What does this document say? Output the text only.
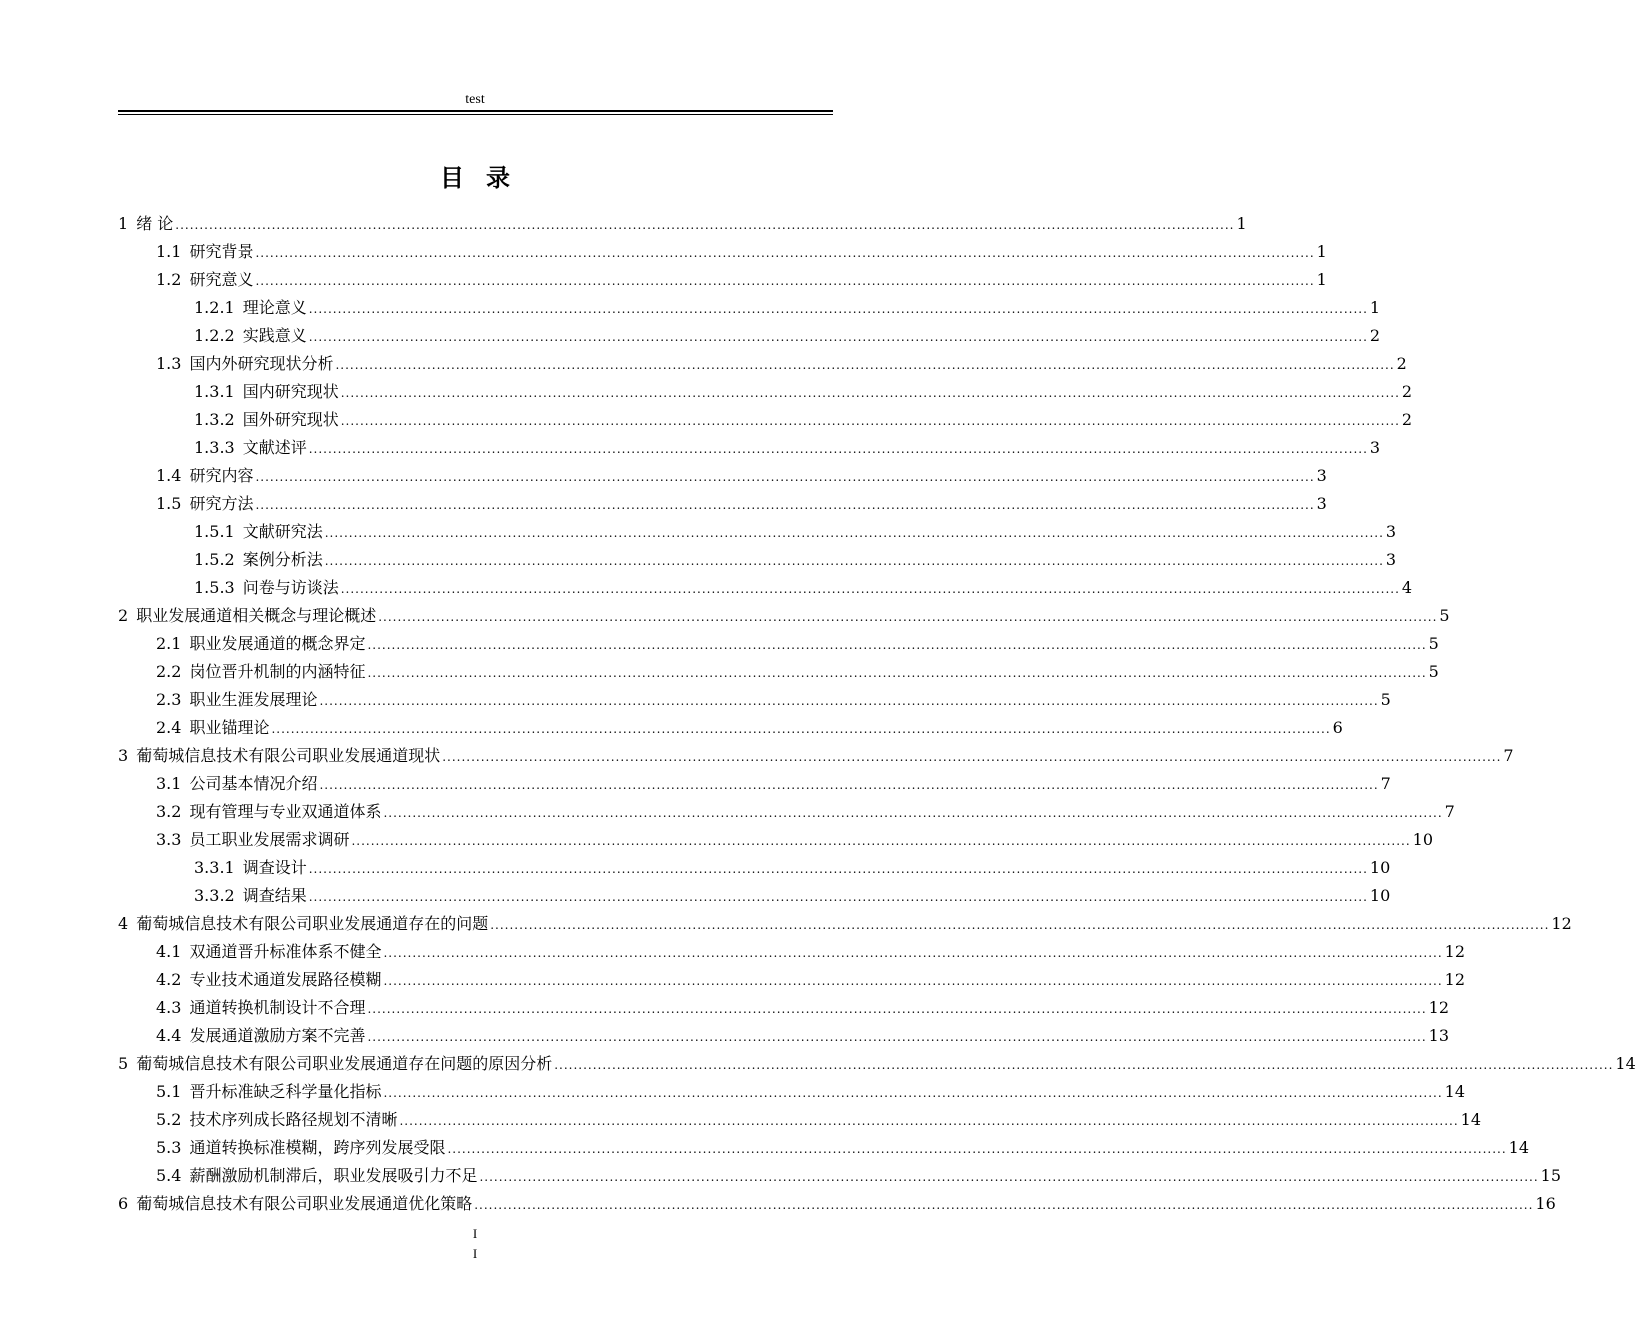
test
目录
1 绪 论 ............................................................................................................................................................................................................................ 1
1.1 研究背景 ............................................................................................................................................................................................................................ 1
1.2 研究意义 ............................................................................................................................................................................................................................ 1
1.2.1 理论意义 ............................................................................................................................................................................................................................ 1
1.2.2 实践意义 ............................................................................................................................................................................................................................ 2
1.3 国内外研究现状分析 ............................................................................................................................................................................................................................ 2
1.3.1 国内研究现状 ............................................................................................................................................................................................................................ 2
1.3.2 国外研究现状 ............................................................................................................................................................................................................................ 2
1.3.3 文献述评 ............................................................................................................................................................................................................................ 3
1.4 研究内容 ............................................................................................................................................................................................................................ 3
1.5 研究方法 ............................................................................................................................................................................................................................ 3
1.5.1 文献研究法 ............................................................................................................................................................................................................................ 3
1.5.2 案例分析法 ............................................................................................................................................................................................................................ 3
1.5.3 问卷与访谈法 ............................................................................................................................................................................................................................ 4
2 职业发展通道相关概念与理论概述 ............................................................................................................................................................................................................................ 5
2.1 职业发展通道的概念界定 ............................................................................................................................................................................................................................ 5
2.2 岗位晋升机制的内涵特征 ............................................................................................................................................................................................................................ 5
2.3 职业生涯发展理论 ............................................................................................................................................................................................................................ 5
2.4 职业锚理论 ............................................................................................................................................................................................................................ 6
3 葡萄城信息技术有限公司职业发展通道现状 ............................................................................................................................................................................................................................ 7
3.1 公司基本情况介绍 ............................................................................................................................................................................................................................ 7
3.2 现有管理与专业双通道体系 ............................................................................................................................................................................................................................ 7
3.3 员工职业发展需求调研 ............................................................................................................................................................................................................................ 10
3.3.1 调查设计 ............................................................................................................................................................................................................................ 10
3.3.2 调查结果 ............................................................................................................................................................................................................................ 10
4 葡萄城信息技术有限公司职业发展通道存在的问题 ............................................................................................................................................................................................................................ 12
4.1 双通道晋升标准体系不健全 ............................................................................................................................................................................................................................ 12
4.2 专业技术通道发展路径模糊 ............................................................................................................................................................................................................................ 12
4.3 通道转换机制设计不合理 ............................................................................................................................................................................................................................ 12
4.4 发展通道激励方案不完善 ............................................................................................................................................................................................................................ 13
5 葡萄城信息技术有限公司职业发展通道存在问题的原因分析 ............................................................................................................................................................................................................................ 14
5.1 晋升标准缺乏科学量化指标 ............................................................................................................................................................................................................................ 14
5.2 技术序列成长路径规划不清晰 ............................................................................................................................................................................................................................ 14
5.3 通道转换标准模糊，跨序列发展受限 ............................................................................................................................................................................................................................ 14
5.4 薪酬激励机制滞后，职业发展吸引力不足 ............................................................................................................................................................................................................................ 15
6 葡萄城信息技术有限公司职业发展通道优化策略 ............................................................................................................................................................................................................................ 16
I
I
